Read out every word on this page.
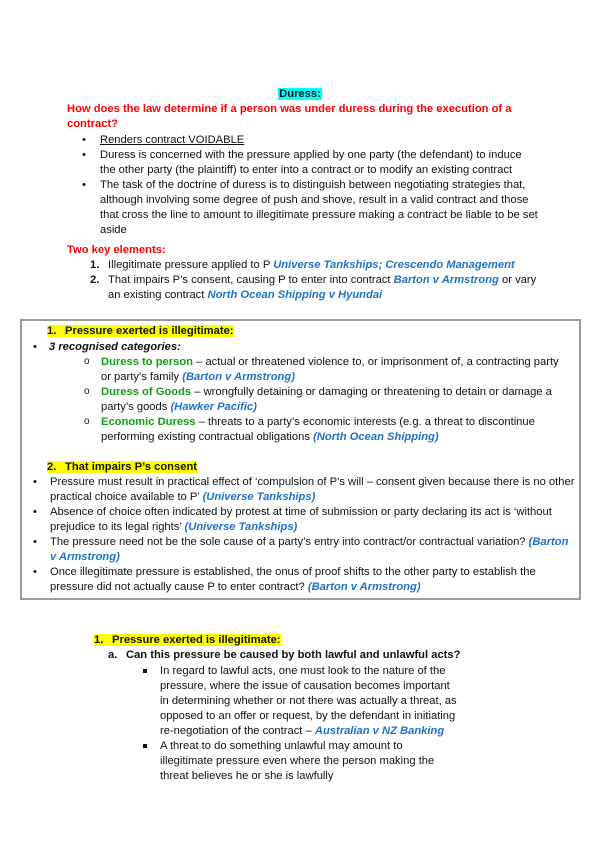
Duress:
How does the law determine if a person was under duress during the execution of a contract?
• Renders contract VOIDABLE
• Duress is concerned with the pressure applied by one party (the defendant) to induce the other party (the plaintiff) to enter into a contract or to modify an existing contract
• The task of the doctrine of duress is to distinguish between negotiating strategies that, although involving some degree of push and shove, result in a valid contract and those that cross the line to amount to illegitimate pressure making a contract be liable to be set aside
Two key elements:
1. Illegitimate pressure applied to P Universe Tankships; Crescendo Management
2. That impairs P’s consent, causing P to enter into contract Barton v Armstrong or vary an existing contract North Ocean Shipping v Hyundai
1. Pressure exerted is illegitimate:
• 3 recognised categories:
o Duress to person – actual or threatened violence to, or imprisonment of, a contracting party or party’s family (Barton v Armstrong)
o Duress of Goods – wrongfully detaining or damaging or threatening to detain or damage a party’s goods (Hawker Pacific)
o Economic Duress – threats to a party’s economic interests (e.g. a threat to discontinue performing existing contractual obligations (North Ocean Shipping)
2. That impairs P’s consent
• Pressure must result in practical effect of ‘compulsion of P’s will – consent given because there is no other practical choice available to P’ (Universe Tankships)
• Absence of choice often indicated by protest at time of submission or party declaring its act is ‘without prejudice to its legal rights’ (Universe Tankships)
• The pressure need not be the sole cause of a party’s entry into contract/or contractual variation? (Barton v Armstrong)
• Once illegitimate pressure is established, the onus of proof shifts to the other party to establish the pressure did not actually cause P to enter contract? (Barton v Armstrong)
1. Pressure exerted is illegitimate:
a. Can this pressure be caused by both lawful and unlawful acts?
In regard to lawful acts, one must look to the nature of the pressure, where the issue of causation becomes important in determining whether or not there was actually a threat, as opposed to an offer or request, by the defendant in initiating re-negotiation of the contract – Australian v NZ Banking
A threat to do something unlawful may amount to illegitimate pressure even where the person making the threat believes he or she is lawfully
